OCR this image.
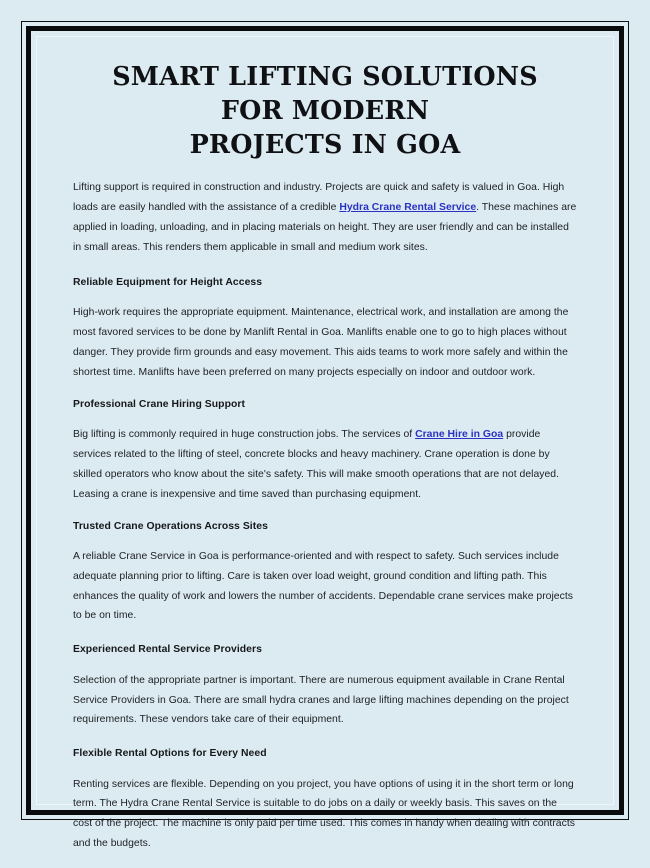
SMART LIFTING SOLUTIONS FOR MODERN
PROJECTS IN GOA

Lifting support is required in construction and industry. Projects are quick and safety is valued in Goa. High loads are easily handled with the assistance of a credible Hydra Crane Rental Service. These machines are applied in loading, unloading, and in placing materials on height. They are user friendly and can be installed in small areas. This renders them applicable in small and medium work sites.

Reliable Equipment for Height Access

High-work requires the appropriate equipment. Maintenance, electrical work, and installation are among the most favored services to be done by Manlift Rental in Goa. Manlifts enable one to go to high places without danger. They provide firm grounds and easy movement. This aids teams to work more safely and within the shortest time. Manlifts have been preferred on many projects especially on indoor and outdoor work.

Professional Crane Hiring Support

Big lifting is commonly required in huge construction jobs. The services of Crane Hire in Goa provide services related to the lifting of steel, concrete blocks and heavy machinery. Crane operation is done by skilled operators who know about the site's safety. This will make smooth operations that are not delayed. Leasing a crane is inexpensive and time saved than purchasing equipment.

Trusted Crane Operations Across Sites

A reliable Crane Service in Goa is performance-oriented and with respect to safety. Such services include adequate planning prior to lifting. Care is taken over load weight, ground condition and lifting path. This enhances the quality of work and lowers the number of accidents. Dependable crane services make projects to be on time.

Experienced Rental Service Providers

Selection of the appropriate partner is important. There are numerous equipment available in Crane Rental Service Providers in Goa. There are small hydra cranes and large lifting machines depending on the project requirements. These vendors take care of their equipment.

Flexible Rental Options for Every Need

Renting services are flexible. Depending on you project, you have options of using it in the short term or long term. The Hydra Crane Rental Service is suitable to do jobs on a daily or weekly basis. This saves on the cost of the project. The machine is only paid per time used. This comes in handy when dealing with contracts and the budgets.
